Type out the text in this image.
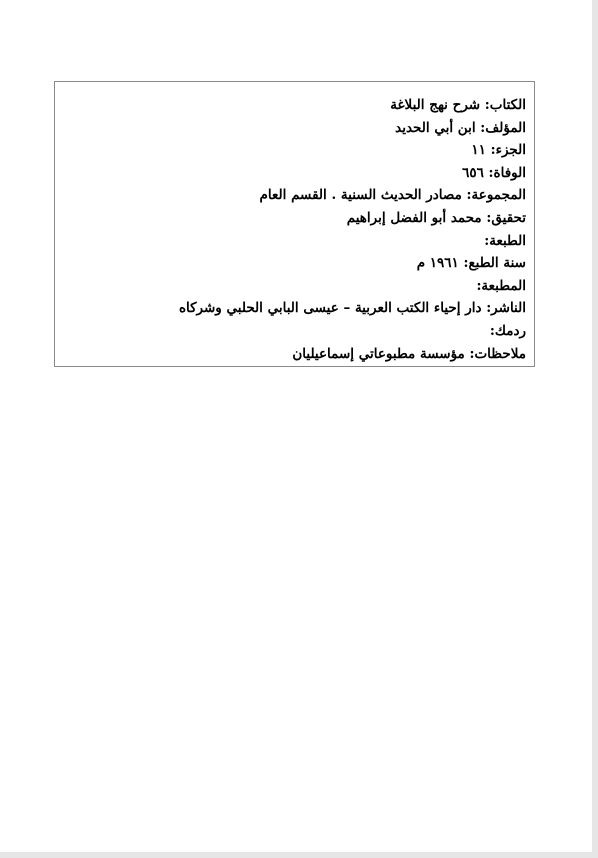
الكتاب:شرح نهج البلاغة
المؤلف:ابن أبي الحديد
الجزء:١١
الوفاة:٦٥٦
المجموعة:مصادر الحديث السنية . القسم العام
تحقيق:محمد أبو الفضل إبراهيم
الطبعة:
سنة الطبع:١٩٦١ م
المطبعة:
الناشر:دار إحياء الكتب العربية – عيسى البابي الحلبي وشركاه
ردمك:
ملاحظات:مؤسسة مطبوعاتي إسماعيليان
